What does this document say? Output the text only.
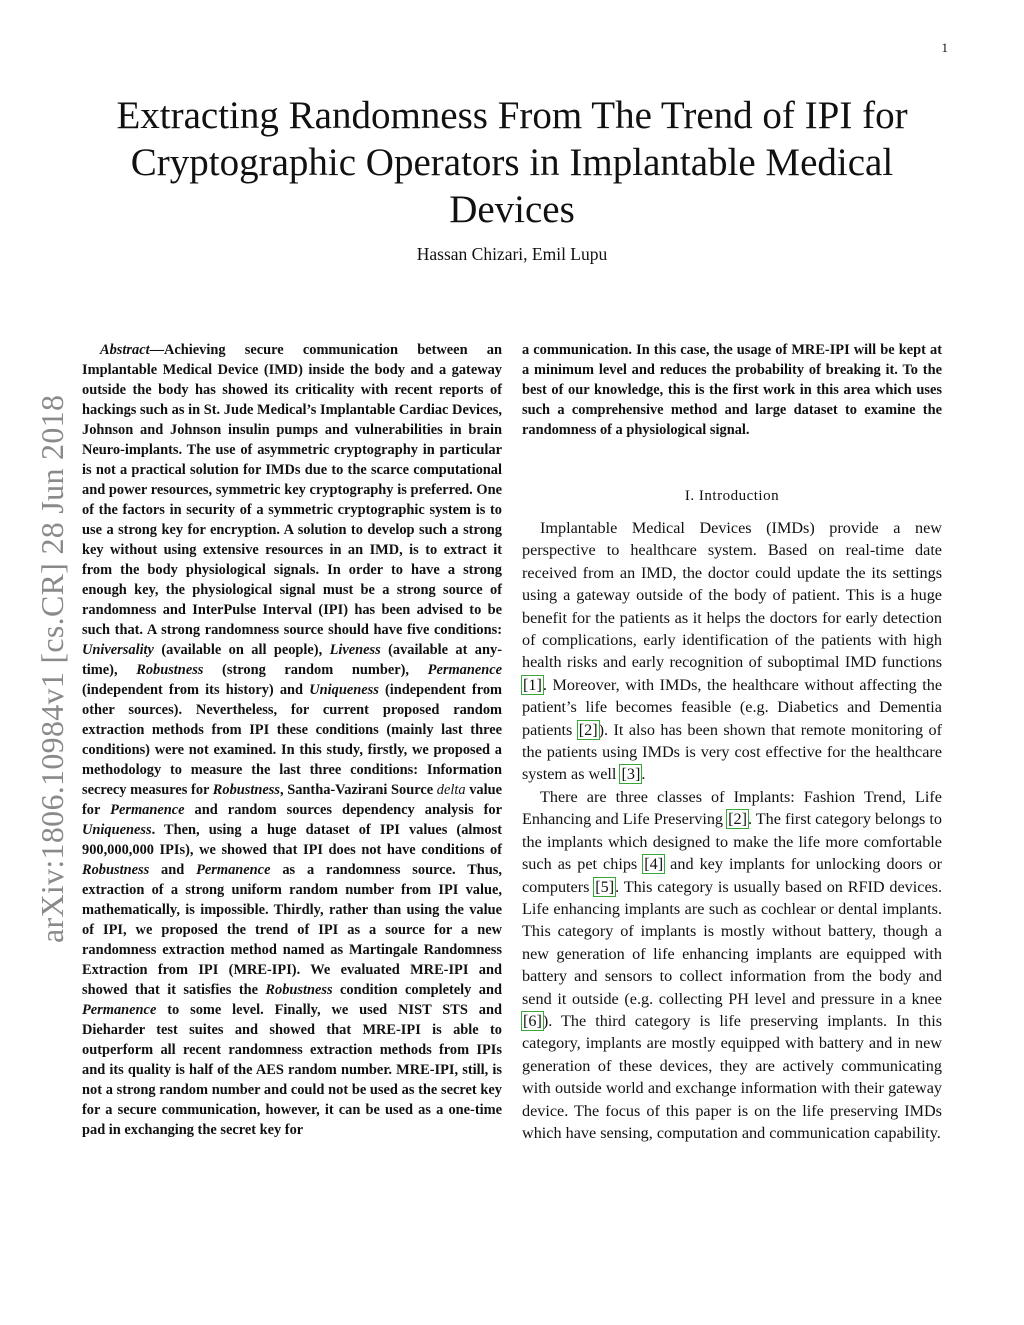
1
arXiv:1806.10984v1 [cs.CR] 28 Jun 2018
Extracting Randomness From The Trend of IPI for Cryptographic Operators in Implantable Medical Devices
Hassan Chizari, Emil Lupu

Abstract—Achieving secure communication between an Implantable Medical Device (IMD) inside the body and a gateway outside the body has showed its criticality with recent reports of hackings such as in St. Jude Medical’s Implantable Cardiac Devices, Johnson and Johnson insulin pumps and vulnerabilities in brain Neuro-implants. The use of asymmetric cryptography in particular is not a practical solution for IMDs due to the scarce computational and power resources, symmetric key cryptography is preferred. One of the factors in security of a symmetric cryptographic system is to use a strong key for encryption. A solution to develop such a strong key without using extensive resources in an IMD, is to extract it from the body physiological signals. In order to have a strong enough key, the physiological signal must be a strong source of randomness and InterPulse Interval (IPI) has been advised to be such that. A strong randomness source should have five conditions: Universality (available on all people), Liveness (available at any-time), Robustness (strong random number), Permanence (independent from its history) and Uniqueness (independent from other sources). Nevertheless, for current proposed random extraction methods from IPI these conditions (mainly last three conditions) were not examined. In this study, firstly, we proposed a methodology to measure the last three conditions: Information secrecy measures for Robustness, Santha-Vazirani Source delta value for Permanence and random sources dependency analysis for Uniqueness. Then, using a huge dataset of IPI values (almost 900,000,000 IPIs), we showed that IPI does not have conditions of Robustness and Permanence as a randomness source. Thus, extraction of a strong uniform random number from IPI value, mathematically, is impossible. Thirdly, rather than using the value of IPI, we proposed the trend of IPI as a source for a new randomness extraction method named as Martingale Randomness Extraction from IPI (MRE-IPI). We evaluated MRE-IPI and showed that it satisfies the Robustness condition completely and Permanence to some level. Finally, we used NIST STS and Dieharder test suites and showed that MRE-IPI is able to outperform all recent randomness extraction methods from IPIs and its quality is half of the AES random number. MRE-IPI, still, is not a strong random number and could not be used as the secret key for a secure communication, however, it can be used as a one-time pad in exchanging the secret key for

a communication. In this case, the usage of MRE-IPI will be kept at a minimum level and reduces the probability of breaking it. To the best of our knowledge, this is the first work in this area which uses such a comprehensive method and large dataset to examine the randomness of a physiological signal.

I. Introduction

Implantable Medical Devices (IMDs) provide a new perspective to healthcare system. Based on real-time date received from an IMD, the doctor could update the its settings using a gateway outside of the body of patient. This is a huge benefit for the patients as it helps the doctors for early detection of complications, early identification of the patients with high health risks and early recognition of suboptimal IMD functions [1]. Moreover, with IMDs, the healthcare without affecting the patient’s life becomes feasible (e.g. Diabetics and Dementia patients [2]). It also has been shown that remote monitoring of the patients using IMDs is very cost effective for the healthcare system as well [3].

There are three classes of Implants: Fashion Trend, Life Enhancing and Life Preserving [2]. The first category belongs to the implants which designed to make the life more comfortable such as pet chips [4] and key implants for unlocking doors or computers [5]. This category is usually based on RFID devices. Life enhancing implants are such as cochlear or dental implants. This category of implants is mostly without battery, though a new generation of life enhancing implants are equipped with battery and sensors to collect information from the body and send it outside (e.g. collecting PH level and pressure in a knee [6]). The third category is life preserving implants. In this category, implants are mostly equipped with battery and in new generation of these devices, they are actively communicating with outside world and exchange information with their gateway device. The focus of this paper is on the life preserving IMDs which have sensing, computation and communication capability.
